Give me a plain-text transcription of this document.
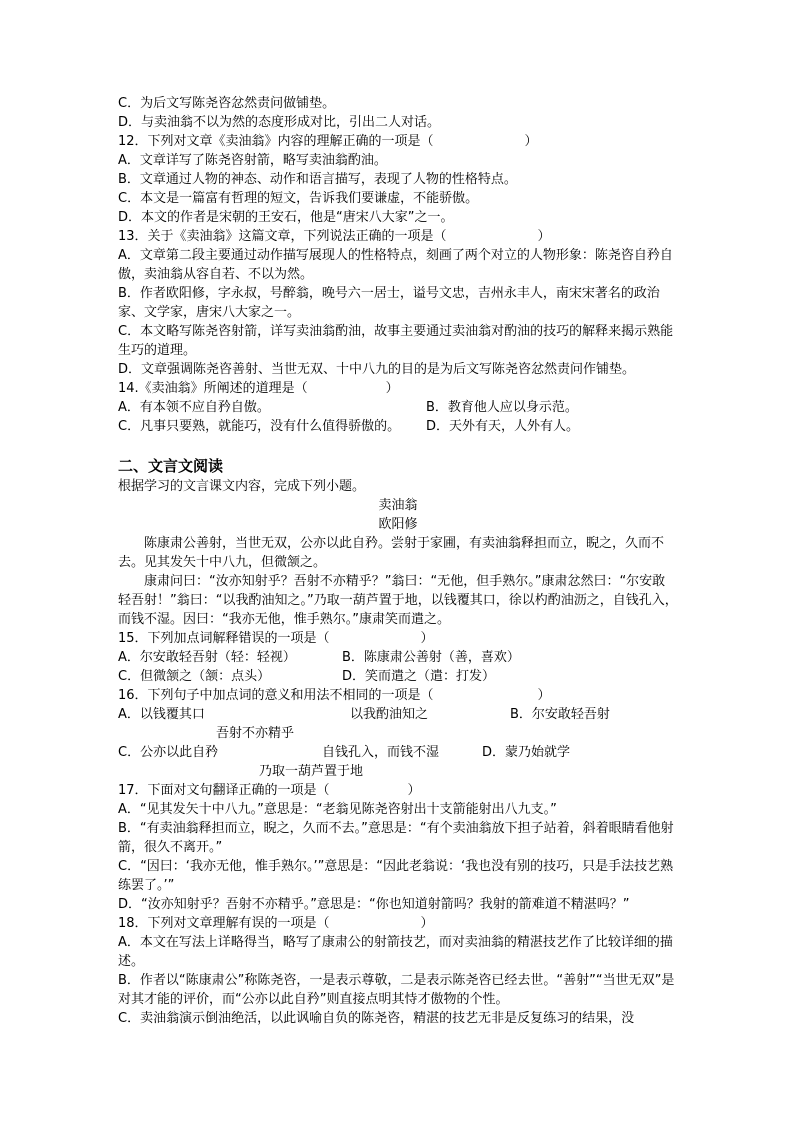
C．为后文写陈尧咨忿然责问做铺垫。

D．与卖油翁不以为然的态度形成对比，引出二人对话。

12．下列对文章《卖油翁》内容的理解正确的一项是（　　　　　　　）

A．文章详写了陈尧咨射箭，略写卖油翁酌油。

B．文章通过人物的神态、动作和语言描写，表现了人物的性格特点。

C．本文是一篇富有哲理的短文，告诉我们要谦虚，不能骄傲。

D．本文的作者是宋朝的王安石，他是“唐宋八大家”之一。

13．关于《卖油翁》这篇文章，下列说法正确的一项是（　　　　　　　）

A．文章第二段主要通过动作描写展现人的性格特点，刻画了两个对立的人物形象：陈尧咨自矜自傲，卖油翁从容自若、不以为然。

B．作者欧阳修，字永叔，号醉翁，晚号六一居士，谥号文忠，吉州永丰人，南宋宋著名的政治家、文学家，唐宋八大家之一。

C．本文略写陈尧咨射箭，详写卖油翁酌油，故事主要通过卖油翁对酌油的技巧的解释来揭示熟能生巧的道理。

D．文章强调陈尧咨善射、当世无双、十中八九的目的是为后文写陈尧咨忿然责问作铺垫。

14.《卖油翁》所阐述的道理是（　　　　　　）

A．有本领不应自矜自傲。	B．教育他人应以身示范。
C．凡事只要熟，就能巧，没有什么值得骄傲的。	D．天外有天，人外有人。

二、文言文阅读

根据学习的文言课文内容，完成下列小题。

卖油翁

欧阳修

陈康肃公善射，当世无双，公亦以此自矜。尝射于家圃，有卖油翁释担而立，睨之，久而不去。见其发矢十中八九，但微颔之。

康肃问曰：“汝亦知射乎？吾射不亦精乎？”翁曰：“无他，但手熟尔。”康肃忿然曰：“尔安敢轻吾射！”翁曰：“以我酌油知之。”乃取一葫芦置于地，以钱覆其口，徐以杓酌油沥之，自钱孔入，而钱不湿。因曰：“我亦无他，惟手熟尔。”康肃笑而遣之。

15．下列加点词解释错误的一项是（　　　　　　　）

A．尔安敢轻吾射（轻：轻视）	B．陈康肃公善射（善，喜欢）
C．但微颔之（颔：点头）	D．笑而遣之（遣：打发）

16．下列句子中加点词的意义和用法不相同的一项是（　　　　　　　　）

A．以钱覆其口	以我酌油知之	B．尔安敢轻吾射
吾射不亦精乎
C．公亦以此自矜	自钱孔入，而钱不湿	D．蒙乃始就学
乃取一葫芦置于地

17．下面对文句翻译正确的一项是（　　　　　　）

A．“见其发矢十中八九。”意思是：“老翁见陈尧咨射出十支箭能射出八九支。”

B．“有卖油翁释担而立，睨之，久而不去。”意思是：“有个卖油翁放下担子站着，斜着眼睛看他射箭，很久不离开。”

C．“因曰：‘我亦无他，惟手熟尔。’”意思是：“因此老翁说：‘我也没有别的技巧，只是手法技艺熟练罢了。’”

D．“汝亦知射乎？吾射不亦精乎。”意思是：“你也知道射箭吗？我射的箭难道不精湛吗？”

18．下列对文章理解有误的一项是（　　　　　　　）

A．本文在写法上详略得当，略写了康肃公的射箭技艺，而对卖油翁的精湛技艺作了比较详细的描述。

B．作者以“陈康肃公”称陈尧咨，一是表示尊敬，二是表示陈尧咨已经去世。“善射”“当世无双”是对其才能的评价，而“公亦以此自矜”则直接点明其恃才傲物的个性。

C．卖油翁演示倒油绝活，以此讽喻自负的陈尧咨，精湛的技艺无非是反复练习的结果，没
